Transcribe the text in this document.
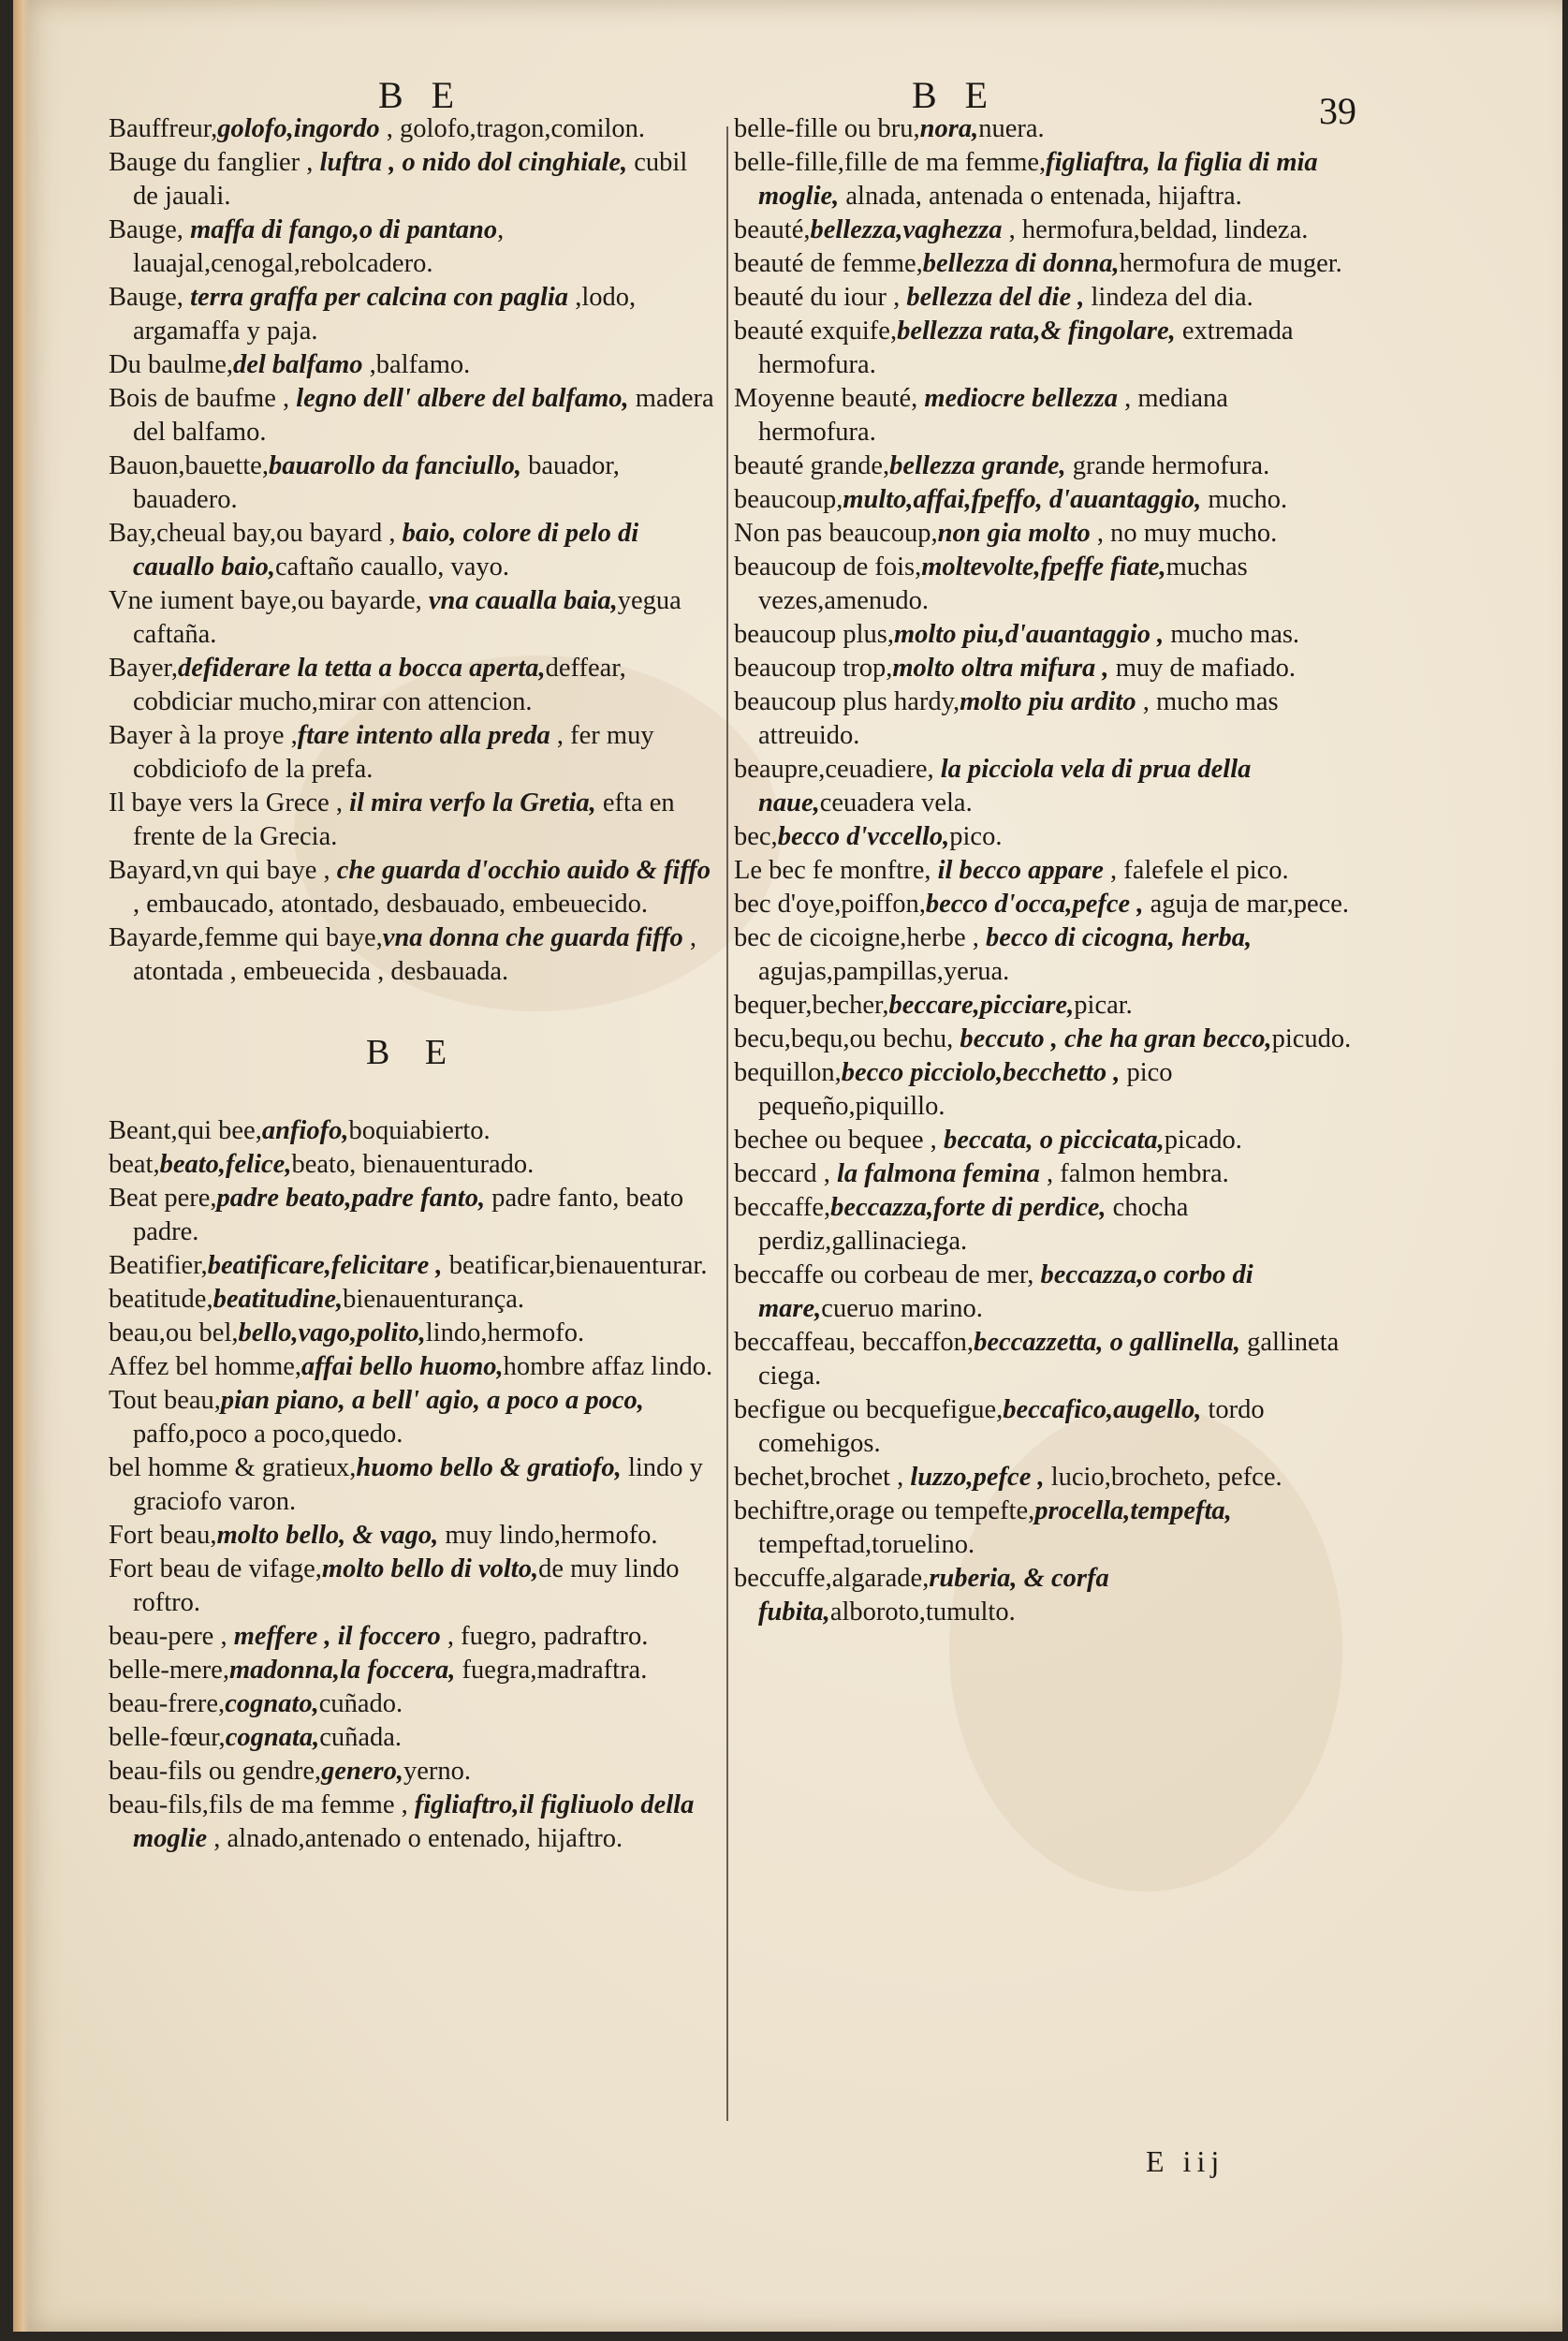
B E	B E	39

Bauffreur,golofo,ingordo , golofo,tragon,comilon.

Bauge du fanglier , luftra , o nido dol cinghiale, cubil de jauali.

Bauge, maffa di fango,o di pantano, lauajal,cenogal,rebolcadero.

Bauge, terra graffa per calcina con paglia ,lodo, argamaffa y paja.

Du baulme,del balfamo ,balfamo.

Bois de baufme , legno dell' albere del balfamo, madera del balfamo.

Bauon,bauette,bauarollo da fanciullo, bauador, bauadero.

Bay,cheual bay,ou bayard , baio, colore di pelo di cauallo baio,caftaño cauallo, vayo.

Vne iument baye,ou bayarde, vna caualla baia,yegua caftaña.

Bayer,defiderare la tetta a bocca aperta,deffear, cobdiciar mucho,mirar con attencion.

Bayer à la proye ,ftare intento alla preda , fer muy cobdiciofo de la prefa.

Il baye vers la Grece , il mira verfo la Gretia, efta en frente de la Grecia.

Bayard,vn qui baye , che guarda d'occhio auido & fiffo , embaucado, atontado, desbauado, embeuecido.

Bayarde,femme qui baye,vna donna che guarda fiffo , atontada , embeuecida , desbauada.

B E

Beant,qui bee,anfiofo,boquiabierto.

beat,beato,felice,beato, bienauenturado.

Beat pere,padre beato,padre fanto, padre fanto, beato padre.

Beatifier,beatificare,felicitare , beatificar,bienauenturar.

beatitude,beatitudine,bienauenturança.

beau,ou bel,bello,vago,polito,lindo,hermofo.

Affez bel homme,affai bello huomo,hombre affaz lindo.

Tout beau,pian piano, a bell' agio, a poco a poco, paffo,poco a poco,quedo.

bel homme & gratieux,huomo bello & gratiofo, lindo y graciofo varon.

Fort beau,molto bello, & vago, muy lindo,hermofo.

Fort beau de vifage,molto bello di volto,de muy lindo roftro.

beau-pere , meffere , il foccero , fuegro, padraftro.

belle-mere,madonna,la foccera, fuegra,madraftra.

beau-frere,cognato,cuñado.

belle-fœur,cognata,cuñada.

beau-fils ou gendre,genero,yerno.

beau-fils,fils de ma femme , figliaftro,il figliuolo della moglie , alnado,antenado o entenado, hijaftro.

belle-fille ou bru,nora,nuera.

belle-fille,fille de ma femme,figliaftra, la figlia di mia moglie, alnada, antenada o entenada, hijaftra.

beauté,bellezza,vaghezza , hermofura,beldad, lindeza.

beauté de femme,bellezza di donna,hermofura de muger.

beauté du iour , bellezza del die , lindeza del dia.

beauté exquife,bellezza rata,& fingolare, extremada hermofura.

Moyenne beauté, mediocre bellezza , mediana hermofura.

beauté grande,bellezza grande, grande hermofura.

beaucoup,multo,affai,fpeffo, d'auantaggio, mucho.

Non pas beaucoup,non gia molto , no muy mucho.

beaucoup de fois,moltevolte,fpeffe fiate,muchas vezes,amenudo.

beaucoup plus,molto piu,d'auantaggio , mucho mas.

beaucoup trop,molto oltra mifura , muy de mafiado.

beaucoup plus hardy,molto piu ardito , mucho mas attreuido.

beaupre,ceuadiere, la picciola vela di prua della naue,ceuadera vela.

bec,becco d'vccello,pico.

Le bec fe monftre, il becco appare , falefele el pico.

bec d'oye,poiffon,becco d'occa,pefce , aguja de mar,pece.

bec de cicoigne,herbe , becco di cicogna, herba, agujas,pampillas,yerua.

bequer,becher,beccare,picciare,picar.

becu,bequ,ou bechu, beccuto , che ha gran becco,picudo.

bequillon,becco picciolo,becchetto , pico pequeño,piquillo.

bechee ou bequee , beccata, o piccicata,picado.

beccard , la falmona femina , falmon hembra.

beccaffe,beccazza,forte di perdice, chocha perdiz,gallinaciega.

beccaffe ou corbeau de mer, beccazza,o corbo di mare,cueruo marino.

beccaffeau, beccaffon,beccazzetta, o gallinella, gallineta ciega.

becfigue ou becquefigue,beccafico,augello, tordo comehigos.

bechet,brochet , luzzo,pefce , lucio,brocheto, pefce.

bechiftre,orage ou tempefte,procella,tempefta, tempeftad,toruelino.

beccuffe,algarade,ruberia, & corfa fubita,alboroto,tumulto.

E iij
